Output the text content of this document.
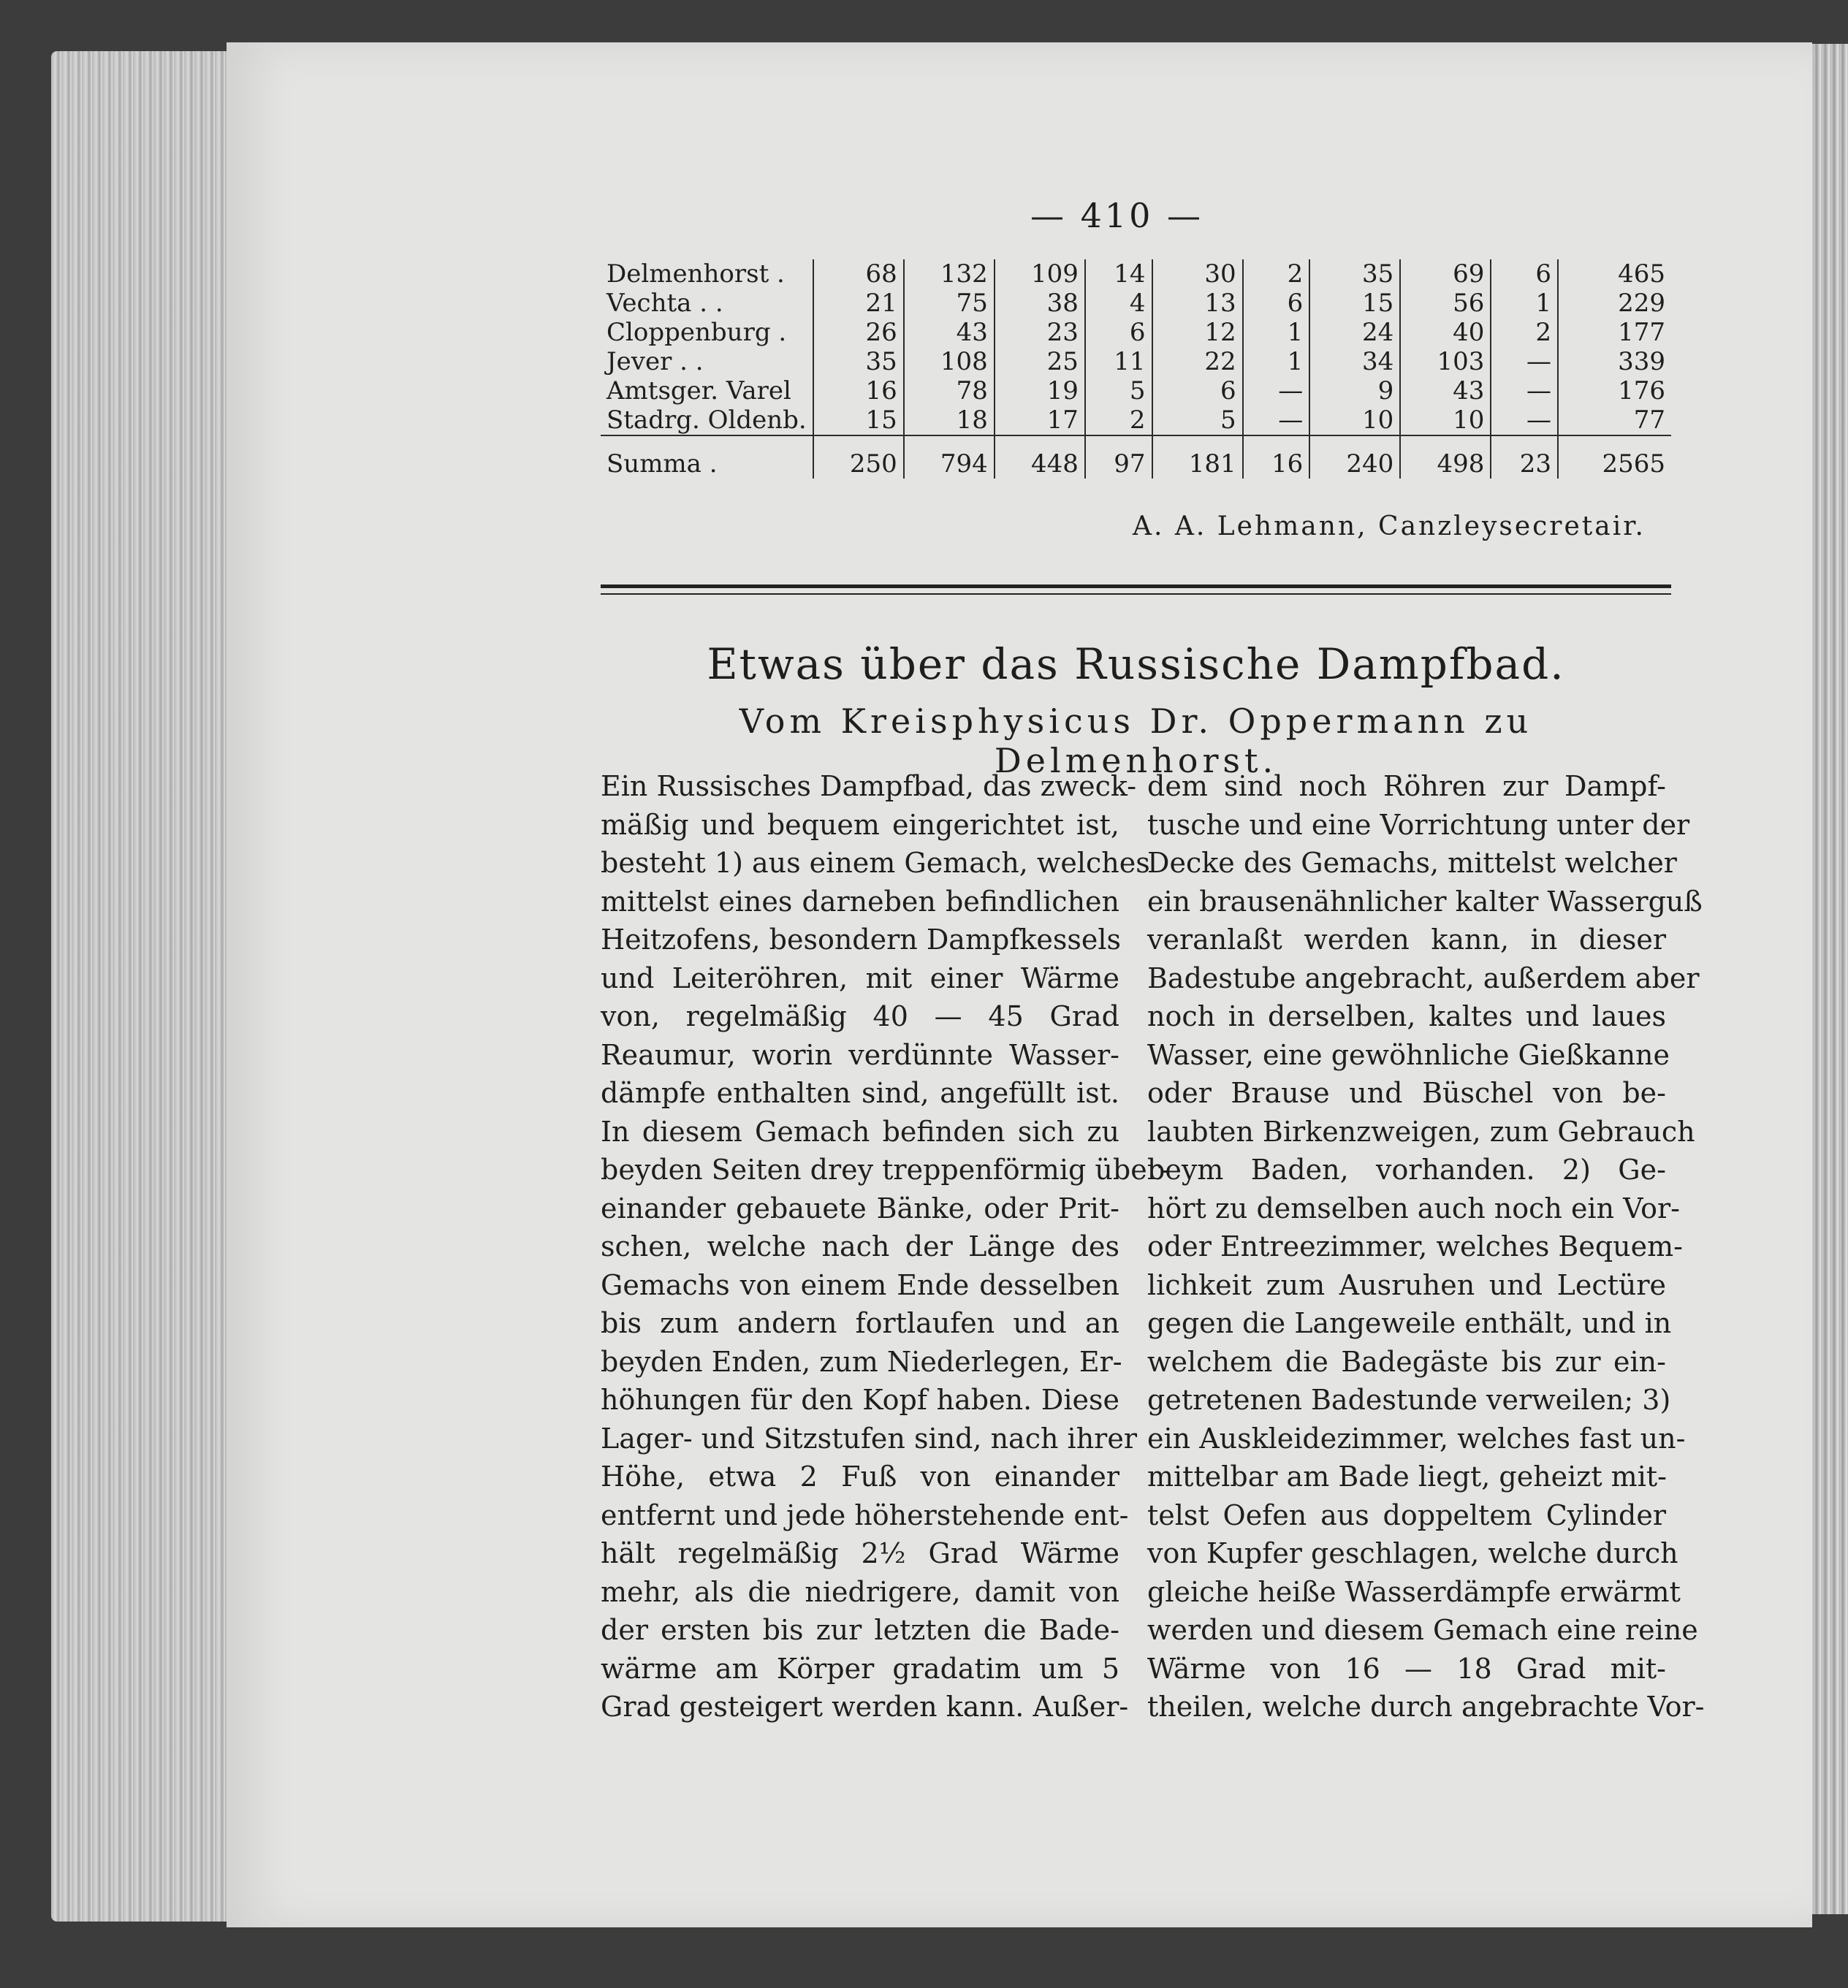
— 410 —
Delmenhorst .	68	132	109	14	30	2	35	69	6	465
Vechta . .	21	75	38	4	13	6	15	56	1	229
Cloppenburg .	26	43	23	6	12	1	24	40	2	177
Jever . .	35	108	25	11	22	1	34	103	—	339
Amtsger. Varel	16	78	19	5	6	—	9	43	—	176
Stadrg. Oldenb.	15	18	17	2	5	—	10	10	—	77
Summa .	250	794	448	97	181	16	240	498	23	2565
A. A. Lehmann, Canzleysecretair.
Etwas über das Russische Dampfbad.
Vom Kreisphysicus Dr. Oppermann zu Delmenhorst.
Ein Russisches Dampfbad, das zweck-
mäßig und bequem eingerichtet ist,
besteht 1) aus einem Gemach, welches
mittelst eines darneben befindlichen
Heitzofens, besondern Dampfkessels
und Leiteröhren, mit einer Wärme
von, regelmäßig 40 — 45 Grad
Reaumur, worin verdünnte Wasser-
dämpfe enthalten sind, angefüllt ist.
In diesem Gemach befinden sich zu
beyden Seiten drey treppenförmig über-
einander gebauete Bänke, oder Prit-
schen, welche nach der Länge des
Gemachs von einem Ende desselben
bis zum andern fortlaufen und an
beyden Enden, zum Niederlegen, Er-
höhungen für den Kopf haben. Diese
Lager- und Sitzstufen sind, nach ihrer
Höhe, etwa 2 Fuß von einander
entfernt und jede höherstehende ent-
hält regelmäßig 2½ Grad Wärme
mehr, als die niedrigere, damit von
der ersten bis zur letzten die Bade-
wärme am Körper gradatim um 5
Grad gesteigert werden kann. Außer-
dem sind noch Röhren zur Dampf-
tusche und eine Vorrichtung unter der
Decke des Gemachs, mittelst welcher
ein brausenähnlicher kalter Wasserguß
veranlaßt werden kann, in dieser
Badestube angebracht, außerdem aber
noch in derselben, kaltes und laues
Wasser, eine gewöhnliche Gießkanne
oder Brause und Büschel von be-
laubten Birkenzweigen, zum Gebrauch
beym Baden, vorhanden. 2) Ge-
hört zu demselben auch noch ein Vor-
oder Entreezimmer, welches Bequem-
lichkeit zum Ausruhen und Lectüre
gegen die Langeweile enthält, und in
welchem die Badegäste bis zur ein-
getretenen Badestunde verweilen; 3)
ein Auskleidezimmer, welches fast un-
mittelbar am Bade liegt, geheizt mit-
telst Oefen aus doppeltem Cylinder
von Kupfer geschlagen, welche durch
gleiche heiße Wasserdämpfe erwärmt
werden und diesem Gemach eine reine
Wärme von 16 — 18 Grad mit-
theilen, welche durch angebrachte Vor-
